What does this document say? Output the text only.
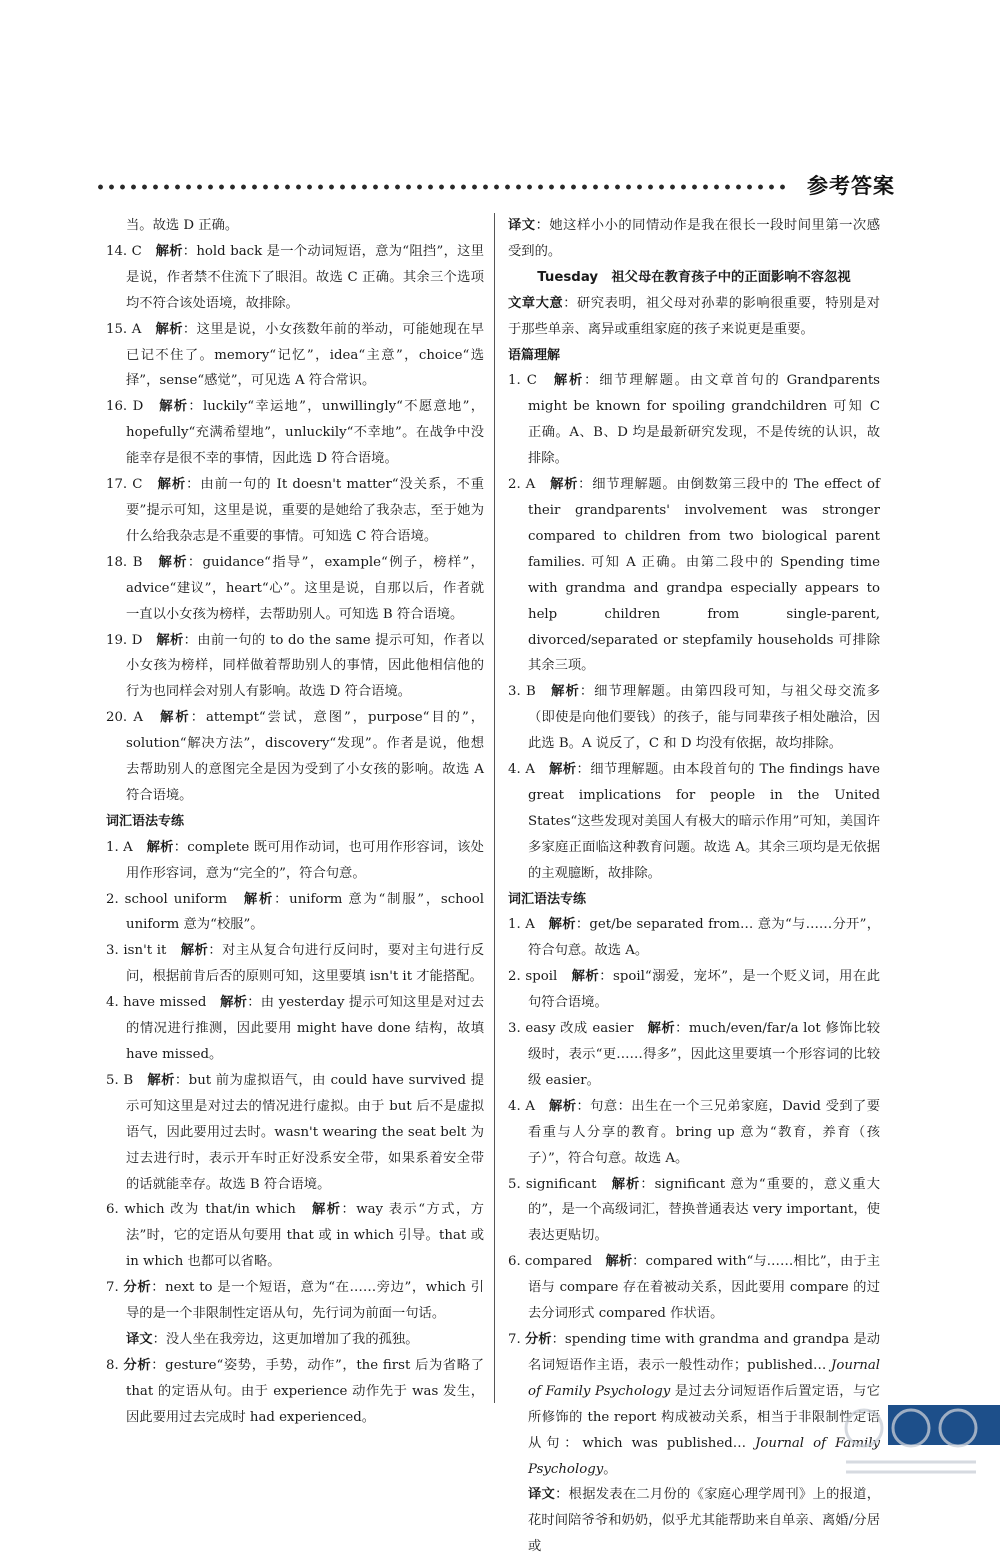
参考答案
当。故选 D 正确。
14. C　解析：hold back 是一个动词短语，意为“阻挡”，这里是说，作者禁不住流下了眼泪。故选 C 正确。其余三个选项均不符合该处语境，故排除。
15. A　解析：这里是说，小女孩数年前的举动，可能她现在早已记不住了。memory“记忆”，idea“主意”，choice“选择”，sense“感觉”，可见选 A 符合常识。
16. D　解析：luckily“幸运地”，unwillingly“不愿意地”，hopefully“充满希望地”，unluckily“不幸地”。在战争中没能幸存是很不幸的事情，因此选 D 符合语境。
17. C　解析：由前一句的 It doesn't matter“没关系，不重要”提示可知，这里是说，重要的是她给了我杂志，至于她为什么给我杂志是不重要的事情。可知选 C 符合语境。
18. B　解析：guidance“指导”，example“例子，榜样”，advice“建议”，heart“心”。这里是说，自那以后，作者就一直以小女孩为榜样，去帮助别人。可知选 B 符合语境。
19. D　解析：由前一句的 to do the same 提示可知，作者以小女孩为榜样，同样做着帮助别人的事情，因此他相信他的行为也同样会对别人有影响。故选 D 符合语境。
20. A　解析：attempt“尝试，意图”，purpose“目的”，solution“解决方法”，discovery“发现”。作者是说，他想去帮助别人的意图完全是因为受到了小女孩的影响。故选 A 符合语境。
词汇语法专练
1. A　解析：complete 既可用作动词，也可用作形容词，该处用作形容词，意为“完全的”，符合句意。
2. school uniform　解析：uniform 意为“制服”，school uniform 意为“校服”。
3. isn't it　解析：对主从复合句进行反问时，要对主句进行反问，根据前肯后否的原则可知，这里要填 isn't it 才能搭配。
4. have missed　解析：由 yesterday 提示可知这里是对过去的情况进行推测，因此要用 might have done 结构，故填 have missed。
5. B　解析：but 前为虚拟语气，由 could have survived 提示可知这里是对过去的情况进行虚拟。由于 but 后不是虚拟语气，因此要用过去时。wasn't wearing the seat belt 为过去进行时，表示开车时正好没系安全带，如果系着安全带的话就能幸存。故选 B 符合语境。
6. which 改为 that/in which　解析：way 表示“方式，方法”时，它的定语从句要用 that 或 in which 引导。that 或 in which 也都可以省略。
7. 分析：next to 是一个短语，意为“在……旁边”，which 引导的是一个非限制性定语从句，先行词为前面一句话。
译文：没人坐在我旁边，这更加增加了我的孤独。
8. 分析：gesture“姿势，手势，动作”，the first 后为省略了 that 的定语从句。由于 experience 动作先于 was 发生，因此要用过去完成时 had experienced。
译文：她这样小小的同情动作是我在很长一段时间里第一次感受到的。
Tuesday　祖父母在教育孩子中的正面影响不容忽视
文章大意：研究表明，祖父母对孙辈的影响很重要，特别是对于那些单亲、离异或重组家庭的孩子来说更是重要。
语篇理解
1. C　解析：细节理解题。由文章首句的 Grandparents might be known for spoiling grandchildren 可知 C 正确。A、B、D 均是最新研究发现，不是传统的认识，故排除。
2. A　解析：细节理解题。由倒数第三段中的 The effect of their grandparents' involvement was stronger compared to children from two biological parent families. 可知 A 正确。由第二段中的 Spending time with grandma and grandpa especially appears to help children from single-parent, divorced/separated or stepfamily households 可排除其余三项。
3. B　解析：细节理解题。由第四段可知，与祖父母交流多（即使是向他们要钱）的孩子，能与同辈孩子相处融洽，因此选 B。A 说反了，C 和 D 均没有依据，故均排除。
4. A　解析：细节理解题。由本段首句的 The findings have great implications for people in the United States“这些发现对美国人有极大的暗示作用”可知，美国许多家庭正面临这种教育问题。故选 A。其余三项均是无依据的主观臆断，故排除。
词汇语法专练
1. A　解析：get/be separated from… 意为“与……分开”，符合句意。故选 A。
2. spoil　解析：spoil“溺爱，宠坏”，是一个贬义词，用在此句符合语境。
3. easy 改成 easier　解析：much/even/far/a lot 修饰比较级时，表示“更……得多”，因此这里要填一个形容词的比较级 easier。
4. A　解析：句意：出生在一个三兄弟家庭，David 受到了要看重与人分享的教育。bring up 意为“教育，养育（孩子）”，符合句意。故选 A。
5. significant　解析：significant 意为“重要的，意义重大的”，是一个高级词汇，替换普通表达 very important，使表达更贴切。
6. compared　解析：compared with“与……相比”，由于主语与 compare 存在着被动关系，因此要用 compare 的过去分词形式 compared 作状语。
7. 分析：spending time with grandma and grandpa 是动名词短语作主语，表示一般性动作；published… Journal of Family Psychology 是过去分词短语作后置定语，与它所修饰的 the report 构成被动关系，相当于非限制性定语从句：which was published… Journal of Family Psychology。
译文：根据发表在二月份的《家庭心理学周刊》上的报道，花时间陪爷爷和奶奶，似乎尤其能帮助来自单亲、离婚/分居或
